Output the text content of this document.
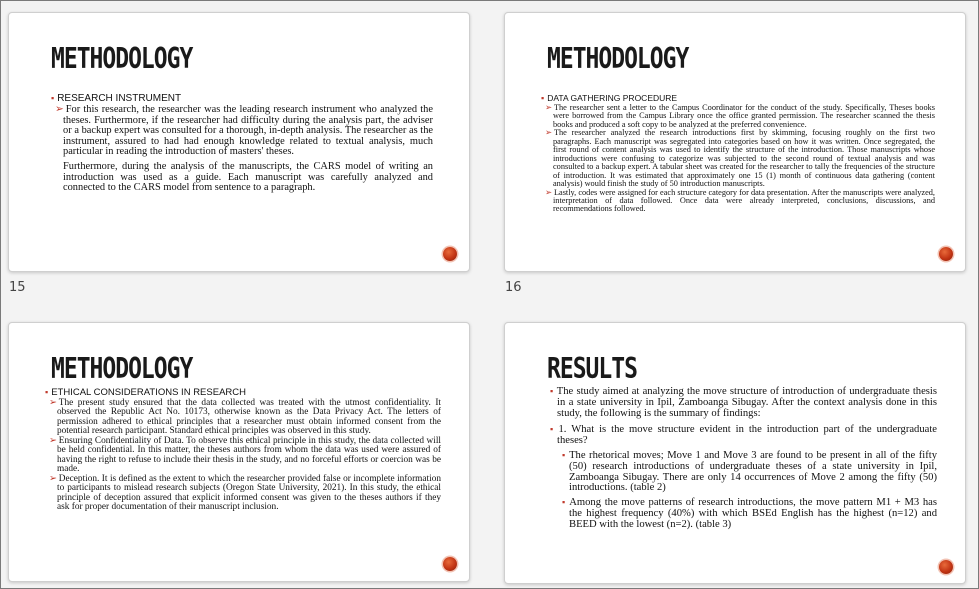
METHODOLOGY
▪ RESEARCH INSTRUMENT

➢ For this research, the researcher was the leading research instrument who analyzed the theses. Furthermore, if the researcher had difficulty during the analysis part, the adviser or a backup expert was consulted for a thorough, in-depth analysis. The researcher as the instrument, assured to had had enough knowledge related to textual analysis, much particular in reading the introduction of masters' theses.

Furthermore, during the analysis of the manuscripts, the CARS model of writing an introduction was used as a guide. Each manuscript was carefully analyzed and connected to the CARS model from sentence to a paragraph.

15
METHODOLOGY
▪ DATA GATHERING PROCEDURE

➢ The researcher sent a letter to the Campus Coordinator for the conduct of the study. Specifically, Theses books were borrowed from the Campus Library once the office granted permission. The researcher scanned the thesis books and produced a soft copy to be analyzed at the preferred convenience.

➢ The researcher analyzed the research introductions first by skimming, focusing roughly on the first two paragraphs. Each manuscript was segregated into categories based on how it was written. Once segregated, the first round of content analysis was used to identify the structure of the introduction. Those manuscripts whose introductions were confusing to categorize was subjected to the second round of textual analysis and was consulted to a backup expert. A tabular sheet was created for the researcher to tally the frequencies of the structure of introduction. It was estimated that approximately one 15 (1) month of continuous data gathering (content analysis) would finish the study of 50 introduction manuscripts.

➢ Lastly, codes were assigned for each structure category for data presentation. After the manuscripts were analyzed, interpretation of data followed. Once data were already interpreted, conclusions, discussions, and recommendations followed.

16
METHODOLOGY
▪ ETHICAL CONSIDERATIONS IN RESEARCH

➢ The present study ensured that the data collected was treated with the utmost confidentiality. It observed the Republic Act No. 10173, otherwise known as the Data Privacy Act. The letters of permission adhered to ethical principles that a researcher must obtain informed consent from the potential research participant. Standard ethical principles was observed in this study.

➢ Ensuring Confidentiality of Data. To observe this ethical principle in this study, the data collected will be held confidential. In this matter, the theses authors from whom the data was used were assured of having the right to refuse to include their thesis in the study, and no forceful efforts or coercion was be made.

➢ Deception. It is defined as the extent to which the researcher provided false or incomplete information to participants to mislead research subjects (Oregon State University, 2021). In this study, the ethical principle of deception assured that explicit informed consent was given to the theses authors if they ask for proper documentation of their manuscript inclusion.

RESULTS

▪ The study aimed at analyzing the move structure of introduction of undergraduate thesis in a state university in Ipil, Zamboanga Sibugay. After the context analysis done in this study, the following is the summary of findings:

▪ 1. What is the move structure evident in the introduction part of the undergraduate theses?

▪ The rhetorical moves; Move 1 and Move 3 are found to be present in all of the fifty (50) research introductions of undergraduate theses of a state university in Ipil, Zamboanga Sibugay. There are only 14 occurrences of Move 2 among the fifty (50) introductions. (table 2)

▪ Among the move patterns of research introductions, the move pattern M1 + M3 has the highest frequency (40%) with which BSEd English has the highest (n=12) and BEED with the lowest (n=2). (table 3)
